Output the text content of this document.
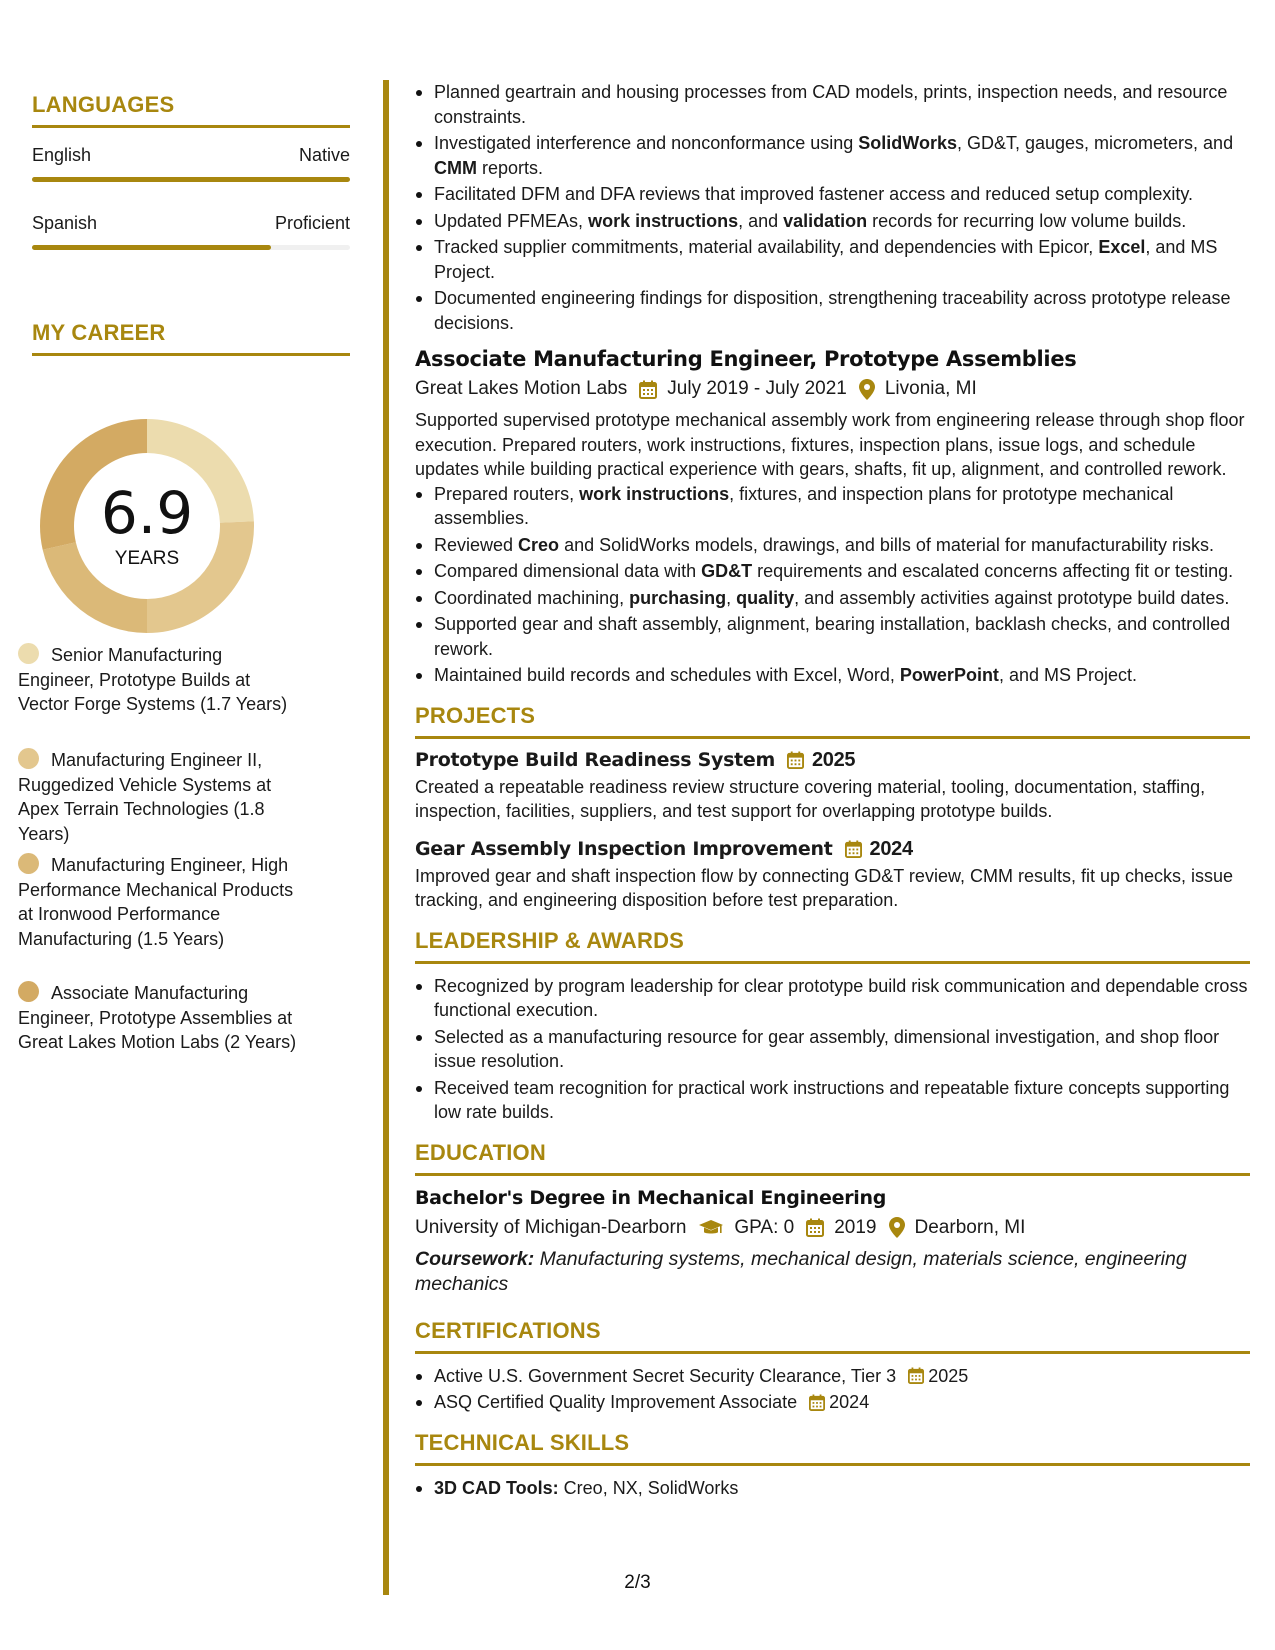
LANGUAGES
English	Native
Spanish	Proficient
MY CAREER
6.9
YEARS
Senior Manufacturing Engineer, Prototype Builds at Vector Forge Systems (1.7 Years)
Manufacturing Engineer II, Ruggedized Vehicle Systems at Apex Terrain Technologies (1.8 Years)
Manufacturing Engineer, High Performance Mechanical Products at Ironwood Performance Manufacturing (1.5 Years)
Associate Manufacturing Engineer, Prototype Assemblies at Great Lakes Motion Labs (2 Years)
Planned geartrain and housing processes from CAD models, prints, inspection needs, and resource constraints.
Investigated interference and nonconformance using SolidWorks, GD&T, gauges, micrometers, and CMM reports.
Facilitated DFM and DFA reviews that improved fastener access and reduced setup complexity.
Updated PFMEAs, work instructions, and validation records for recurring low volume builds.
Tracked supplier commitments, material availability, and dependencies with Epicor, Excel, and MS Project.
Documented engineering findings for disposition, strengthening traceability across prototype release decisions.
Associate Manufacturing Engineer, Prototype Assemblies
Great Lakes Motion Labs July 2019 - July 2021 Livonia, MI
Supported supervised prototype mechanical assembly work from engineering release through shop floor execution. Prepared routers, work instructions, fixtures, inspection plans, issue logs, and schedule updates while building practical experience with gears, shafts, fit up, alignment, and controlled rework.
Prepared routers, work instructions, fixtures, and inspection plans for prototype mechanical assemblies.
Reviewed Creo and SolidWorks models, drawings, and bills of material for manufacturability risks.
Compared dimensional data with GD&T requirements and escalated concerns affecting fit or testing.
Coordinated machining, purchasing, quality, and assembly activities against prototype build dates.
Supported gear and shaft assembly, alignment, bearing installation, backlash checks, and controlled rework.
Maintained build records and schedules with Excel, Word, PowerPoint, and MS Project.
PROJECTS
Prototype Build Readiness System 2025
Created a repeatable readiness review structure covering material, tooling, documentation, staffing, inspection, facilities, suppliers, and test support for overlapping prototype builds.
Gear Assembly Inspection Improvement 2024
Improved gear and shaft inspection flow by connecting GD&T review, CMM results, fit up checks, issue tracking, and engineering disposition before test preparation.
LEADERSHIP & AWARDS
Recognized by program leadership for clear prototype build risk communication and dependable cross functional execution.
Selected as a manufacturing resource for gear assembly, dimensional investigation, and shop floor issue resolution.
Received team recognition for practical work instructions and repeatable fixture concepts supporting low rate builds.
EDUCATION
Bachelor's Degree in Mechanical Engineering
University of Michigan-Dearborn	GPA: 0 2019 Dearborn, MI
Coursework: Manufacturing systems, mechanical design, materials science, engineering mechanics
CERTIFICATIONS
Active U.S. Government Secret Security Clearance, Tier 3 2025
ASQ Certified Quality Improvement Associate 2024
TECHNICAL SKILLS
3D CAD Tools: Creo, NX, SolidWorks
2/3
